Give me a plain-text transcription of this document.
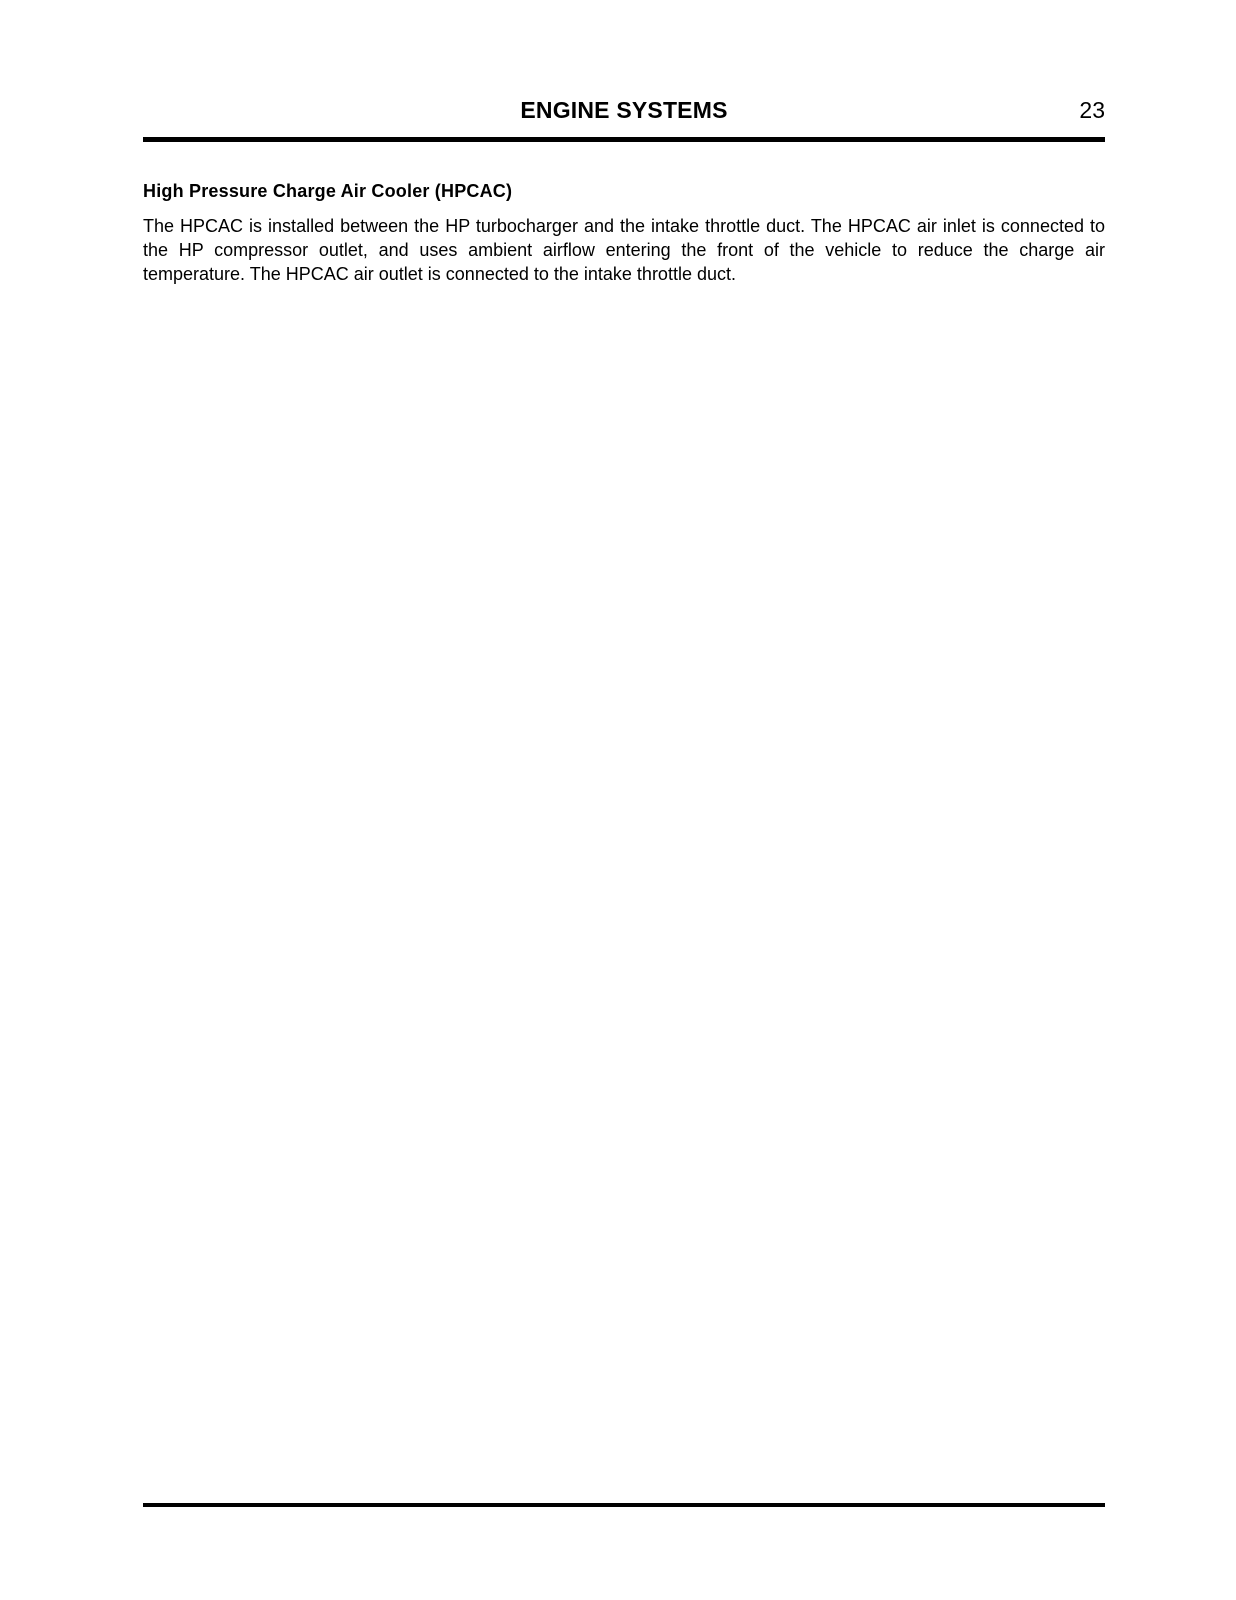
ENGINE SYSTEMS	23
High Pressure Charge Air Cooler (HPCAC)

The HPCAC is installed between the HP turbocharger and the intake throttle duct. The HPCAC air inlet is connected to the HP compressor outlet, and uses ambient airflow entering the front of the vehicle to reduce the charge air temperature. The HPCAC air outlet is connected to the intake throttle duct.
